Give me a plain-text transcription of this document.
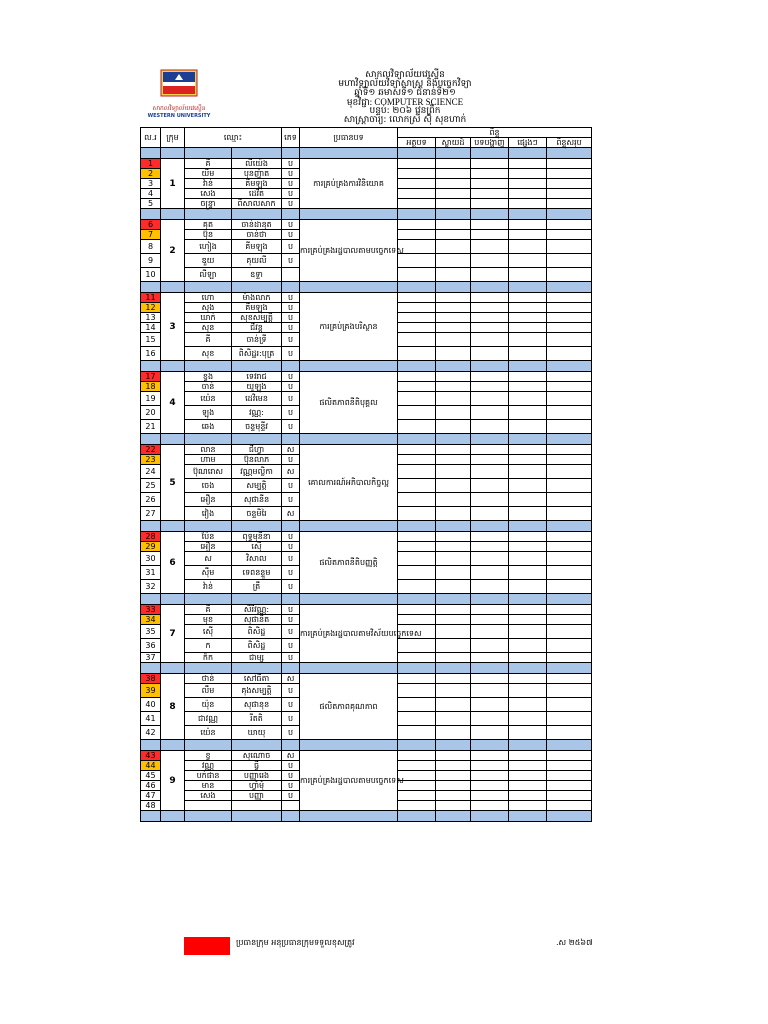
សាកលវិទ្យាល័យវេស្ទើន
WESTERN UNIVERSITY
សាកលវិទ្យាល័យវេស្ទើន
មហាវិទ្យាល័យវិទ្យាសាស្ត្រ និងបច្ចេកវិទ្យា
ឆ្នាំទី១ ឆមាសទី១ ជំនាន់ទី២១
មុខវិជ្ជា: COMPUTER SCIENCE
បន្ទប់: ២០៦ វេនព្រឹក
សាស្ត្រាចារ្យ: លោកស្រី ស៊ុំ សុខហាក់
ល.រ	ក្រុម	ឈ្មោះ		ភេទ	ប្រធានបទ	ពិន្ទុ				
						អត្ថបទ	ស្លាយដ៍	បទបង្ហាញ	ផ្សេងៗ	ពិន្ទុសរុប

1	1	គី	លីយ៉េង	ប	ការគ្រប់គ្រងការវិនិយោគ					
2		យឹម	បុនញ៉ាត	ប						
3		វ៉ាន់	គឹមឡុង	ប						
4		សេង	ដេវីត	ប						
5		ចន្ទ្រា	ពិសាលសាក	ប						

6	2	គុត	ចាន់ដានុត	ប	ការគ្រប់គ្រងរដ្ឋបាលតាមបច្ចេកទេស					
7		ប៊ុន	ចាន់ថា	ប						
8		ហៀង	គីមឡុង	ប						
9		ឌួយ	គុយលី	ប						
10		លីឡា	ឧទ្ទា							

11	3	ហោ	ម៉ាងលាភ	ប	ការគ្រប់គ្រងបរិស្ថាន					
12		សុង	គីមឡុង	ប						
13		ឃាក់	សុខសម្បត្តិ	ប						
14		សុន	ជីវន្ត	ប						
15		គី	ចាន់ទ្រី	ប						
16		សុខ	ពិសិដ្ឋរ:បុត្រ	ប						

17	4	ខ្វង	ទេវរាជ	ប	ផលិតភាពនីតិបុគ្គល					
18		ចាន់	យូឡុង	ប						
19		យ៉េន	ដេវិមេន	ប						
20		ឡុង	វណ្ណ:	ប						
21		ឆេង	ចន្ទមុន្ទីវ	ប						

22	5	លាន	ជីហ្វា	ស	គោលការណ៍អភិបាលកិច្ចល្អ					
23		ហាម	ប៊ុនលាភ	ប						
24		ប៊ុណរោស	វណ្ណមល្លិកា	ស						
25		ចេង	សម្បត្តិ	ប						
26		អឿន	សុផានីន	ប						
27		វៀង	ចន្ទមិរៃ	ស						

28	6	ប៉ែន	ពុទ្ធមុនិនា	ប	ផលិតភាពនីតិបញ្ញត្តិ					
29		អឿន	ស៊ើ	ប						
30		ស	វិសាល	ប						
31		ស៊ឹម	ទេពនន្ទួម	ប						
32		វ៉ាន់	ត្រឹ	ប						

33	7	គី	សិរីវណ្ណ:	ប	ការគ្រប់គ្រងរដ្ឋបាលតាមវិស័យបច្ចេកទេស					
34		មុខ	សុផានិត	ប						
35		ស៊ើ	ពិសិដ្ឋ	ប						
36		ក	ពិសិដ្ឋ	ប						
37		ក៏ក	ជាម្ស	ប						

38	8	ថាន់	សៅធីតា	ស	ផលិតភាពគុណភាព					
39		លឹម	គុងសម្បត្តិ	ប						
40		យ៉ុន	សុផានុន	ប						
41		ជាវណ្ណ	រីតតិ	ប						
42		យ៉េន	ឃាយុ	ប						

43	9	ខ្វ	សុណោច	ស	ការគ្រប់គ្រងរដ្ឋបាលតាមបច្ចេកទេស					
44		វណ្ណ	ធ្វី	ប						
45		បក់ផាន	បញ្ញារេង	ប						
46		មាន	ហ្វាំមុំ	ប						
47		សេង	បញ្ញា	ប						
48										

ប្រធានក្រុម អនុប្រធានក្រុមទទួលខុសត្រូវ	.ស ២៥៦៧
